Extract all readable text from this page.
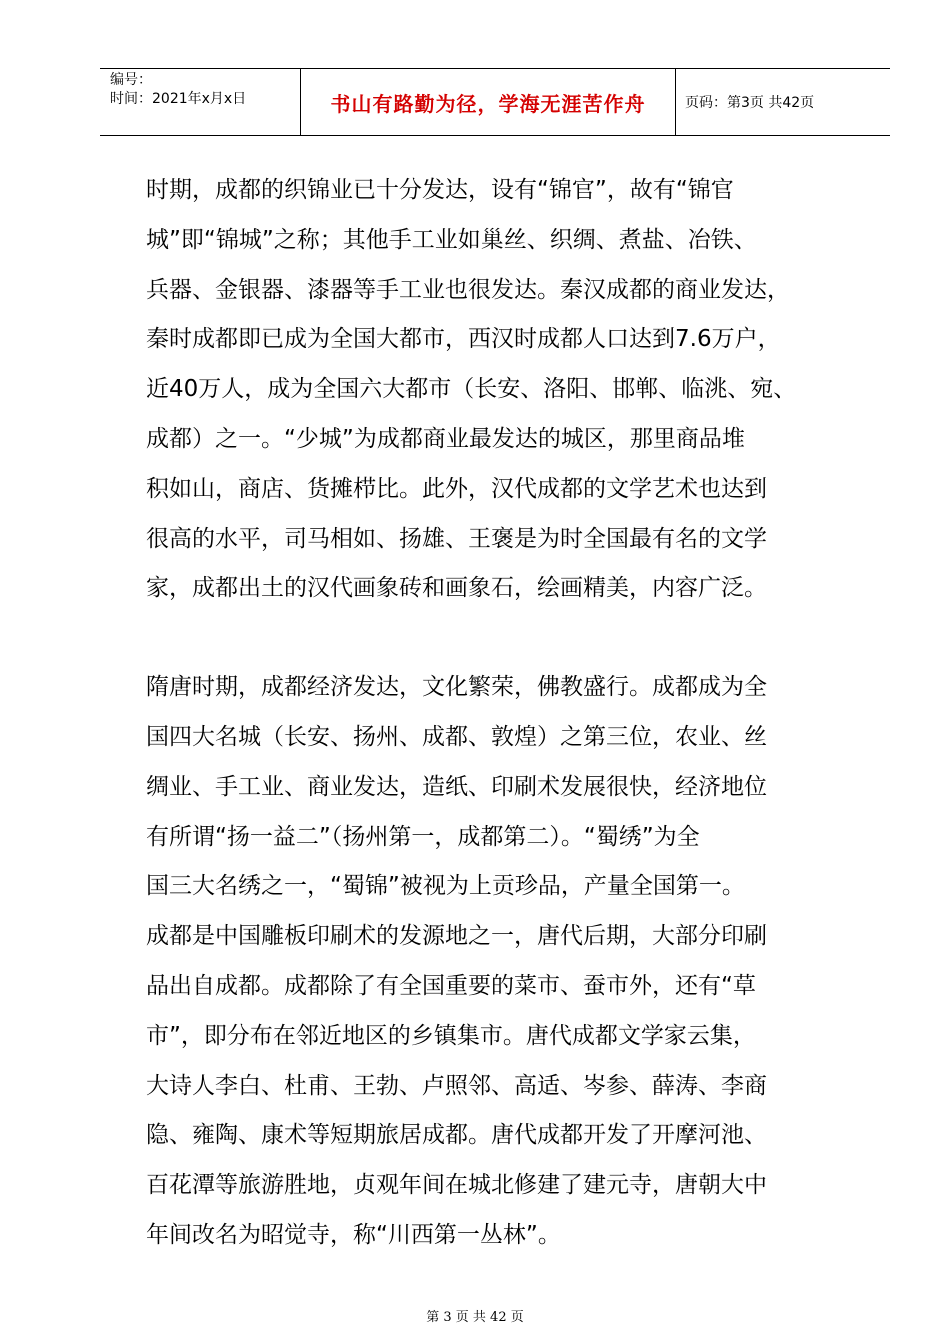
编号：
时间：2021年x月x日	书山有路勤为径，学海无涯苦作舟	页码：第3页 共42页

时期，成都的织锦业已十分发达，设有“锦官”，故有“锦官
城”即“锦城”之称；其他手工业如巢丝、织绸、煮盐、冶铁、
兵器、金银器、漆器等手工业也很发达。秦汉成都的商业发达，
秦时成都即已成为全国大都市，西汉时成都人口达到7.6万户，
近40万人，成为全国六大都市（长安、洛阳、邯郸、临洮、宛、
成都）之一。“少城”为成都商业最发达的城区，那里商品堆
积如山，商店、货摊栉比。此外，汉代成都的文学艺术也达到
很高的水平，司马相如、扬雄、王褒是为时全国最有名的文学
家，成都出土的汉代画象砖和画象石，绘画精美，内容广泛。

隋唐时期，成都经济发达，文化繁荣，佛教盛行。成都成为全
国四大名城（长安、扬州、成都、敦煌）之第三位，农业、丝
绸业、手工业、商业发达，造纸、印刷术发展很快，经济地位
有所谓“扬一益二”（扬州第一，成都第二）。“蜀绣”为全
国三大名绣之一，“蜀锦”被视为上贡珍品，产量全国第一。
成都是中国雕板印刷术的发源地之一，唐代后期，大部分印刷
品出自成都。成都除了有全国重要的菜市、蚕市外，还有“草
市”，即分布在邻近地区的乡镇集市。唐代成都文学家云集，
大诗人李白、杜甫、王勃、卢照邻、高适、岑参、薛涛、李商
隐、雍陶、康术等短期旅居成都。唐代成都开发了开摩河池、
百花潭等旅游胜地，贞观年间在城北修建了建元寺，唐朝大中
年间改名为昭觉寺，称“川西第一丛林”。

第 3 页 共 42 页
